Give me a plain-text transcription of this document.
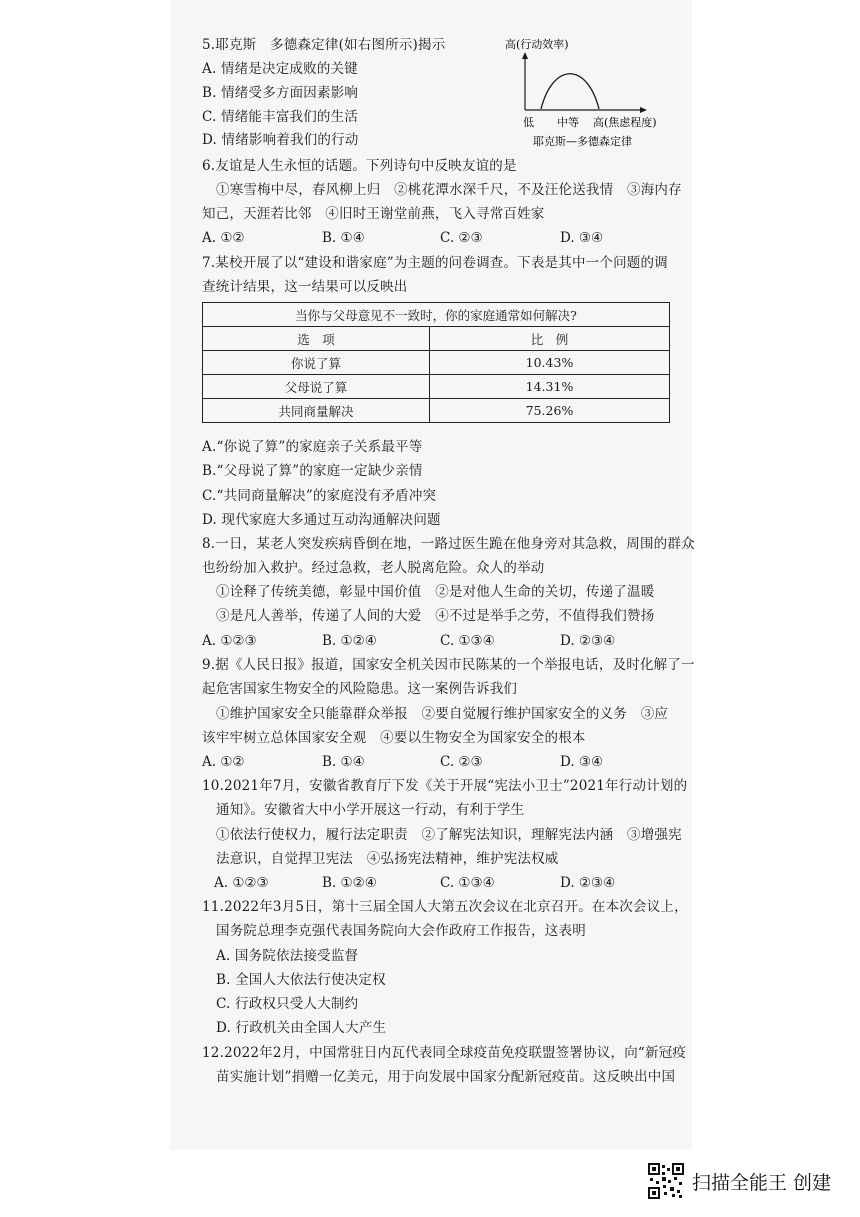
5.耶克斯　多德森定律(如右图所示)揭示
A. 情绪是决定成败的关键
B. 情绪受多方面因素影响
C. 情绪能丰富我们的生活
D. 情绪影响着我们的行动
高(行动效率)
低 中等 高(焦虑程度)
耶克斯—多德森定律
6.友谊是人生永恒的话题。下列诗句中反映友谊的是
①寒雪梅中尽，春风柳上归　②桃花潭水深千尺，不及汪伦送我情　③海内存
知己，天涯若比邻　④旧时王谢堂前燕，飞入寻常百姓家
A. ①②	B. ①④	C. ②③	D. ③④
7.某校开展了以“建设和谐家庭”为主题的问卷调查。下表是其中一个问题的调
查统计结果，这一结果可以反映出
当你与父母意见不一致时，你的家庭通常如何解决?	
选　项	比　例
你说了算	10.43%
父母说了算	14.31%
共同商量解决	75.26%
A.“你说了算”的家庭亲子关系最平等
B.“父母说了算”的家庭一定缺少亲情
C.“共同商量解决”的家庭没有矛盾冲突
D. 现代家庭大多通过互动沟通解决问题
8.一日，某老人突发疾病昏倒在地，一路过医生跪在他身旁对其急救，周围的群众
也纷纷加入救护。经过急救，老人脱离危险。众人的举动
①诠释了传统美德，彰显中国价值　②是对他人生命的关切，传递了温暖
③是凡人善举，传递了人间的大爱　④不过是举手之劳，不值得我们赞扬
A. ①②③	B. ①②④	C. ①③④	D. ②③④
9.据《人民日报》报道，国家安全机关因市民陈某的一个举报电话，及时化解了一
起危害国家生物安全的风险隐患。这一案例告诉我们
①维护国家安全只能靠群众举报　②要自觉履行维护国家安全的义务　③应
该牢牢树立总体国家安全观　④要以生物安全为国家安全的根本
A. ①②	B. ①④	C. ②③	D. ③④
10.2021年7月，安徽省教育厅下发《关于开展“宪法小卫士”2021年行动计划的
通知》。安徽省大中小学开展这一行动，有利于学生
①依法行使权力，履行法定职责　②了解宪法知识，理解宪法内涵　③增强宪
法意识，自觉捍卫宪法　④弘扬宪法精神，维护宪法权威
A. ①②③	B. ①②④	C. ①③④	D. ②③④
11.2022年3月5日，第十三届全国人大第五次会议在北京召开。在本次会议上，
国务院总理李克强代表国务院向大会作政府工作报告，这表明
A. 国务院依法接受监督
B. 全国人大依法行使决定权
C. 行政权只受人大制约
D. 行政机关由全国人大产生
12.2022年2月，中国常驻日内瓦代表同全球疫苗免疫联盟签署协议，向“新冠疫
苗实施计划”捐赠一亿美元，用于向发展中国家分配新冠疫苗。这反映出中国
扫描全能王 创建
